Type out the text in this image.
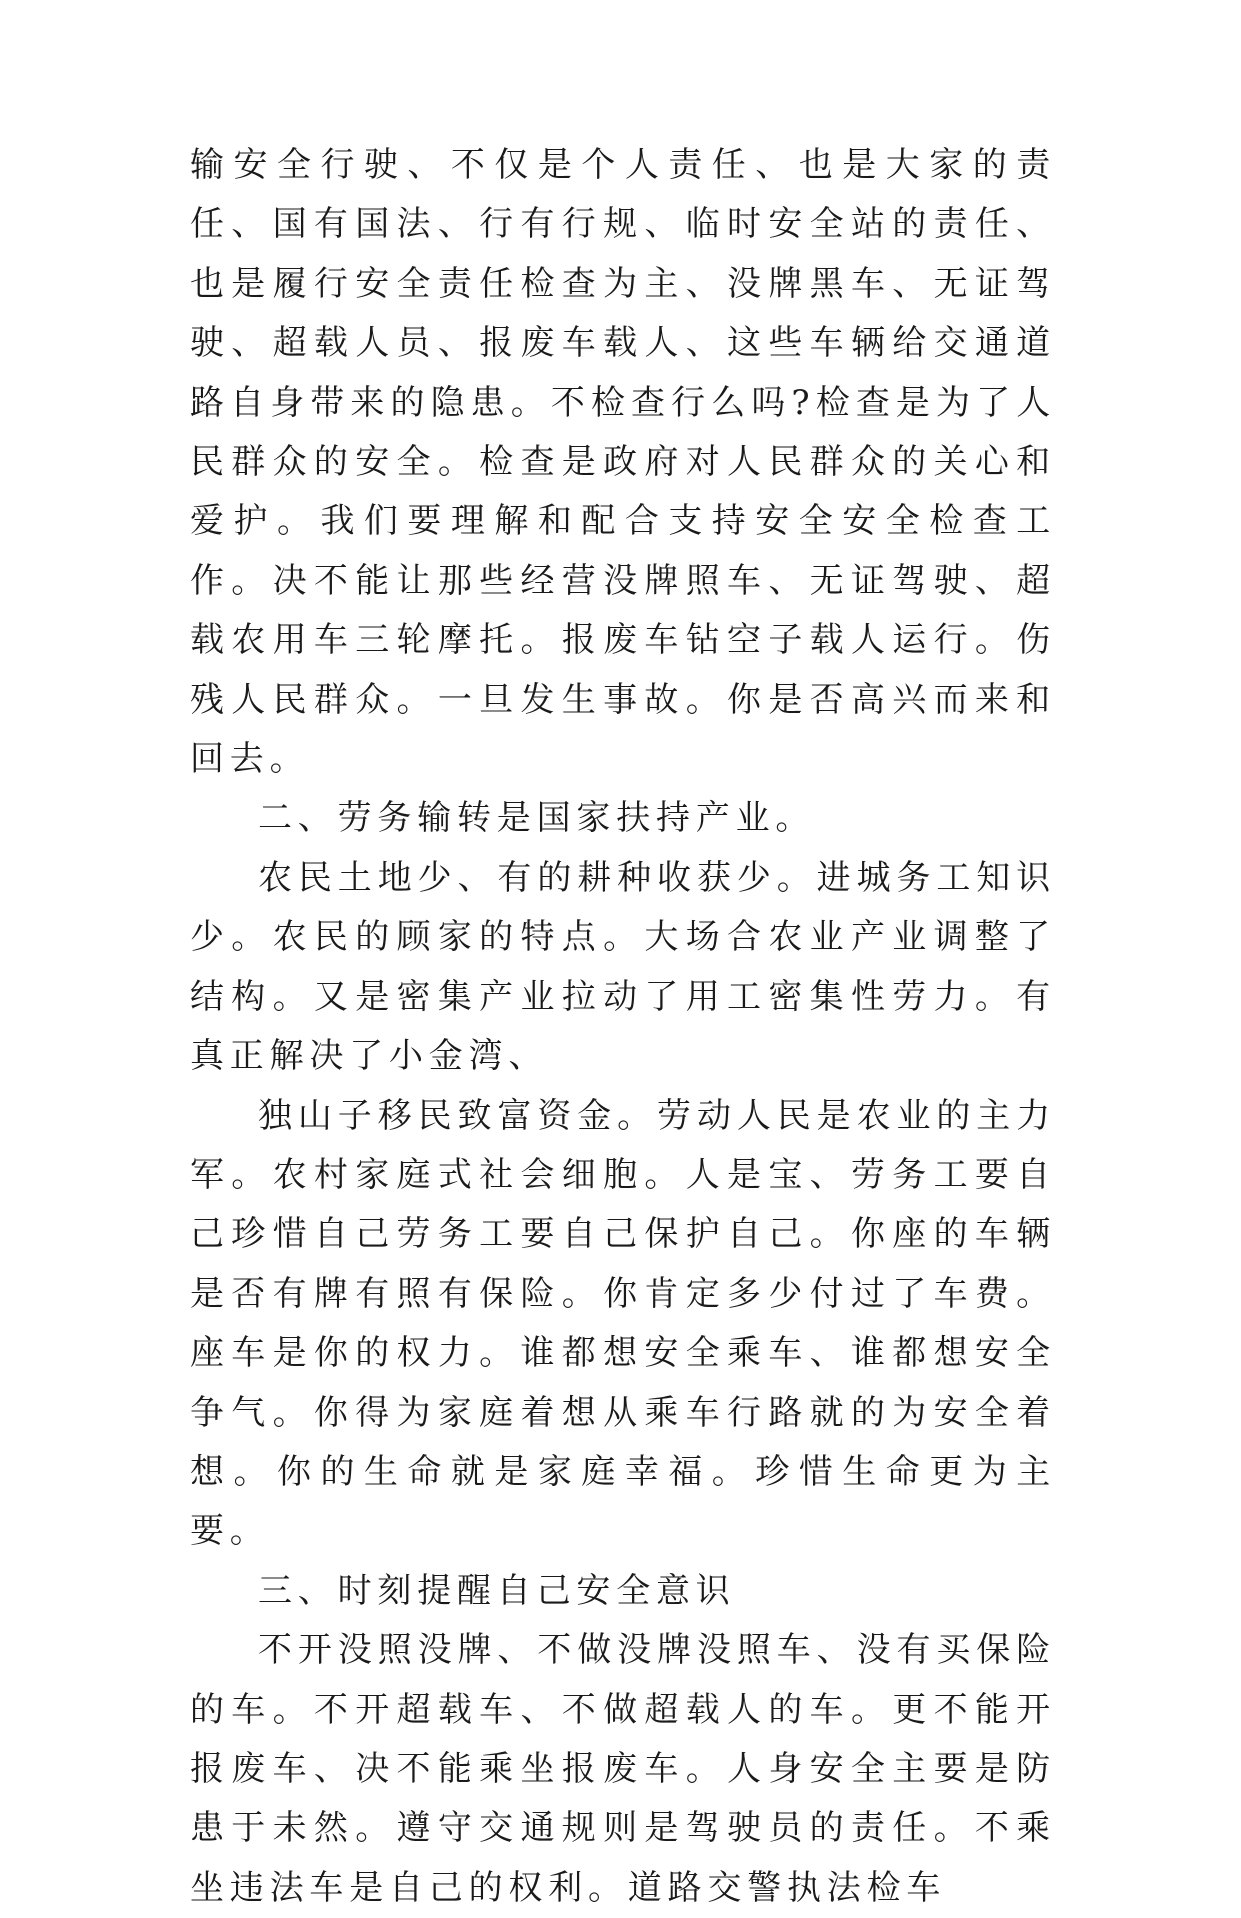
输安全行驶、不仅是个人责任、也是大家的责任、国有国法、行有行规、临时安全站的责任、也是履行安全责任检查为主、没牌黑车、无证驾驶、超载人员、报废车载人、这些车辆给交通道路自身带来的隐患。不检查行么吗?检查是为了人民群众的安全。检查是政府对人民群众的关心和爱护。我们要理解和配合支持安全安全检查工作。决不能让那些经营没牌照车、无证驾驶、超载农用车三轮摩托。报废车钻空子载人运行。伤残人民群众。一旦发生事故。你是否高兴而来和回去。

二、劳务输转是国家扶持产业。

农民土地少、有的耕种收获少。进城务工知识少。农民的顾家的特点。大场合农业产业调整了结构。又是密集产业拉动了用工密集性劳力。有真正解决了小金湾、

独山子移民致富资金。劳动人民是农业的主力军。农村家庭式社会细胞。人是宝、劳务工要自己珍惜自己劳务工要自己保护自己。你座的车辆是否有牌有照有保险。你肯定多少付过了车费。座车是你的权力。谁都想安全乘车、谁都想安全争气。你得为家庭着想从乘车行路就的为安全着想。你的生命就是家庭幸福。珍惜生命更为主要。

三、时刻提醒自己安全意识

不开没照没牌、不做没牌没照车、没有买保险的车。不开超载车、不做超载人的车。更不能开报废车、决不能乘坐报废车。人身安全主要是防患于未然。遵守交通规则是驾驶员的责任。不乘坐违法车是自己的权利。道路交警执法检车
